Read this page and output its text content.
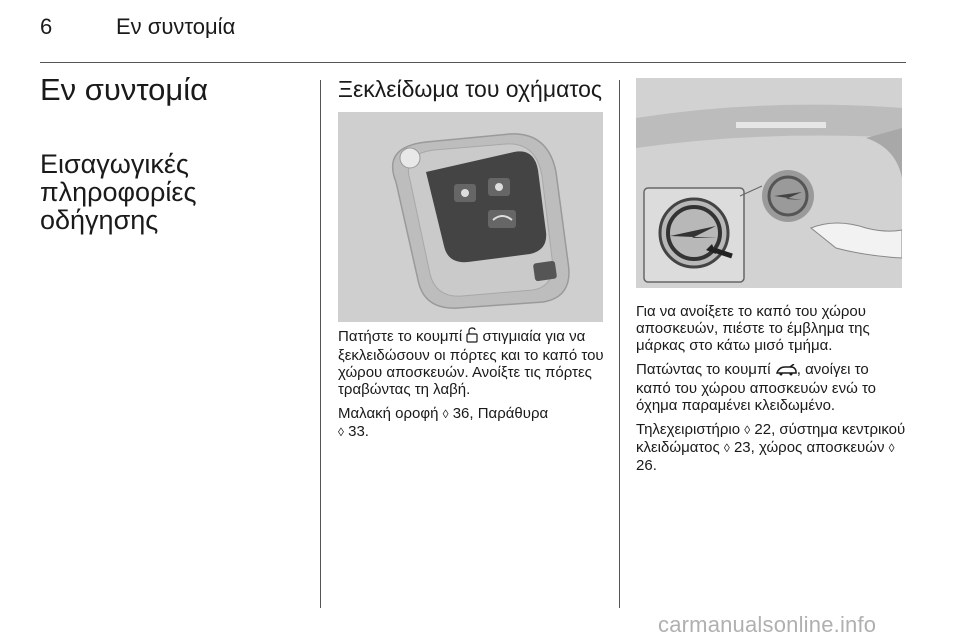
6	Εν συντομία
Εν συντομία
Εισαγωγικές πληροφορίες οδήγησης
Ξεκλείδωμα του οχήματος

Πατήστε το κουμπί  στιγμιαία για να ξεκλειδώσουν οι πόρτες και το καπό του χώρου αποσκευών. Ανοίξτε τις πόρτες τραβώντας τη λαβή.

Μαλακή οροφή ◊ 36, Παράθυρα
◊ 33.

Για να ανοίξετε το καπό του χώρου αποσκευών, πιέστε το έμβλημα της μάρκας στο κάτω μισό τμήμα.

Πατώντας το κουμπί , ανοίγει το καπό του χώρου αποσκευών ενώ το όχημα παραμένει κλειδωμένο.

Τηλεχειριστήριο ◊ 22, σύστημα κεντρικού κλειδώματος ◊ 23, χώρος αποσκευών ◊ 26.

carmanualsonline.info
